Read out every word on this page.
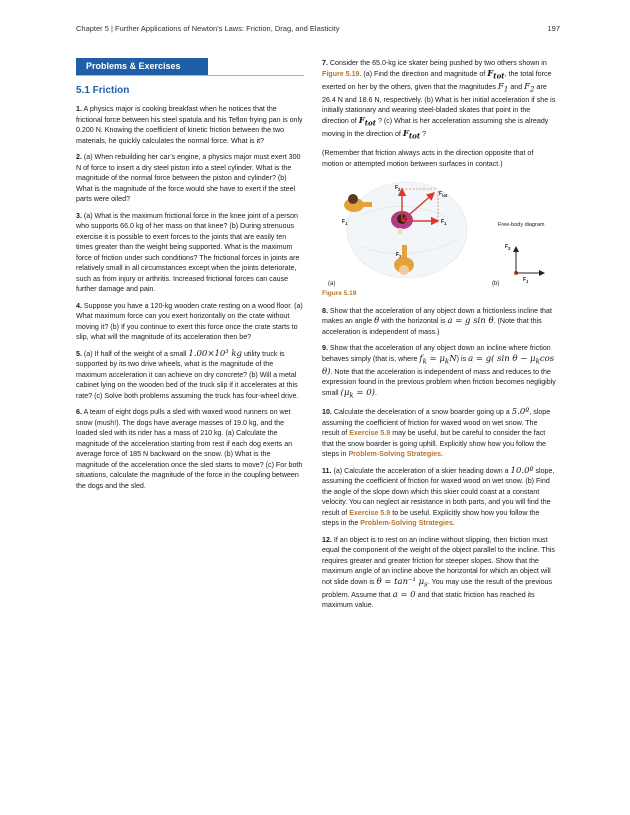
Chapter 5 | Further Applications of Newton's Laws: Friction, Drag, and Elasticity	197
Problems & Exercises
5.1 Friction

1. A physics major is cooking breakfast when he notices that the frictional force between his steel spatula and his Teflon frying pan is only 0.200 N. Knowing the coefficient of kinetic friction between the two materials, he quickly calculates the normal force. What is it?

2. (a) When rebuilding her car’s engine, a physics major must exert 300 N of force to insert a dry steel piston into a steel cylinder. What is the magnitude of the normal force between the piston and cylinder? (b) What is the magnitude of the force would she have to exert if the steel parts were oiled?

3. (a) What is the maximum frictional force in the knee joint of a person who supports 66.0 kg of her mass on that knee? (b) During strenuous exercise it is possible to exert forces to the joints that are easily ten times greater than the weight being supported. What is the maximum force of friction under such conditions? The frictional forces in joints are relatively small in all circumstances except when the joints deteriorate, such as from injury or arthritis. Increased frictional forces can cause further damage and pain.

4. Suppose you have a 120-kg wooden crate resting on a wood floor. (a) What maximum force can you exert horizontally on the crate without moving it? (b) If you continue to exert this force once the crate starts to slip, what will the magnitude of its acceleration then be?

5. (a) If half of the weight of a small 1.00×10³ kg utility truck is supported by its two drive wheels, what is the magnitude of the maximum acceleration it can achieve on dry concrete? (b) Will a metal cabinet lying on the wooden bed of the truck slip if it accelerates at this rate? (c) Solve both problems assuming the truck has four-wheel drive.

6. A team of eight dogs pulls a sled with waxed wood runners on wet snow (mush!). The dogs have average masses of 19.0 kg, and the loaded sled with its rider has a mass of 210 kg. (a) Calculate the magnitude of the acceleration starting from rest if each dog exerts an average force of 185 N backward on the snow. (b) What is the magnitude of the acceleration once the sled starts to move? (c) For both situations, calculate the magnitude of the force in the coupling between the dogs and the sled.

7. Consider the 65.0-kg ice skater being pushed by two others shown in Figure 5.19. (a) Find the direction and magnitude of $F_{tot}$, the total force exerted on her by the others, given that the magnitudes $F_1$ and $F_2$ are 26.4 N and 18.6 N, respectively. (b) What is her initial acceleration if she is initially stationary and wearing steel-bladed skates that point in the direction of $F_{tot}$ ? (c) What is her acceleration assuming she is already moving in the direction of $F_{tot}$ ?

(Remember that friction always acts in the direction opposite that of motion or attempted motion between surfaces in contact.)

$F_{tot}$
$F_1$
$F_2$
$F_1$
$F_2$
Free-body diagram
$F_2$
$F_1$
(a)	(b)
Figure 5.19

8. Show that the acceleration of any object down a frictionless incline that makes an angle θ with the horizontal is a = g sin θ. (Note that this acceleration is independent of mass.)

9. Show that the acceleration of any object down an incline where friction behaves simply (that is, where $f_k = \mu_kN$) is a = g( $\sin \theta - \mu_k\cos$ θ). Note that the acceleration is independent of mass and reduces to the expression found in the previous problem when friction becomes negligibly small $(\mu_k = 0)$.

10. Calculate the deceleration of a snow boarder going up a 5.0º, slope assuming the coefficient of friction for waxed wood on wet snow. The result of Exercise 5.9 may be useful, but be careful to consider the fact that the snow boarder is going uphill. Explicitly show how you follow the steps in Problem-Solving Strategies.

11. (a) Calculate the acceleration of a skier heading down a 10.0º slope, assuming the coefficient of friction for waxed wood on wet snow. (b) Find the angle of the slope down which this skier could coast at a constant velocity. You can neglect air resistance in both parts, and you will find the result of Exercise 5.9 to be useful. Explicitly show how you follow the steps in the Problem-Solving Strategies.

12. If an object is to rest on an incline without slipping, then friction must equal the component of the weight of the object parallel to the incline. This requires greater and greater friction for steeper slopes. Show that the maximum angle of an incline above the horizontal for which an object will not slide down is θ = tan⁻¹ $\mu_s$. You may use the result of the previous problem. Assume that a = 0 and that static friction has reached its maximum value.
